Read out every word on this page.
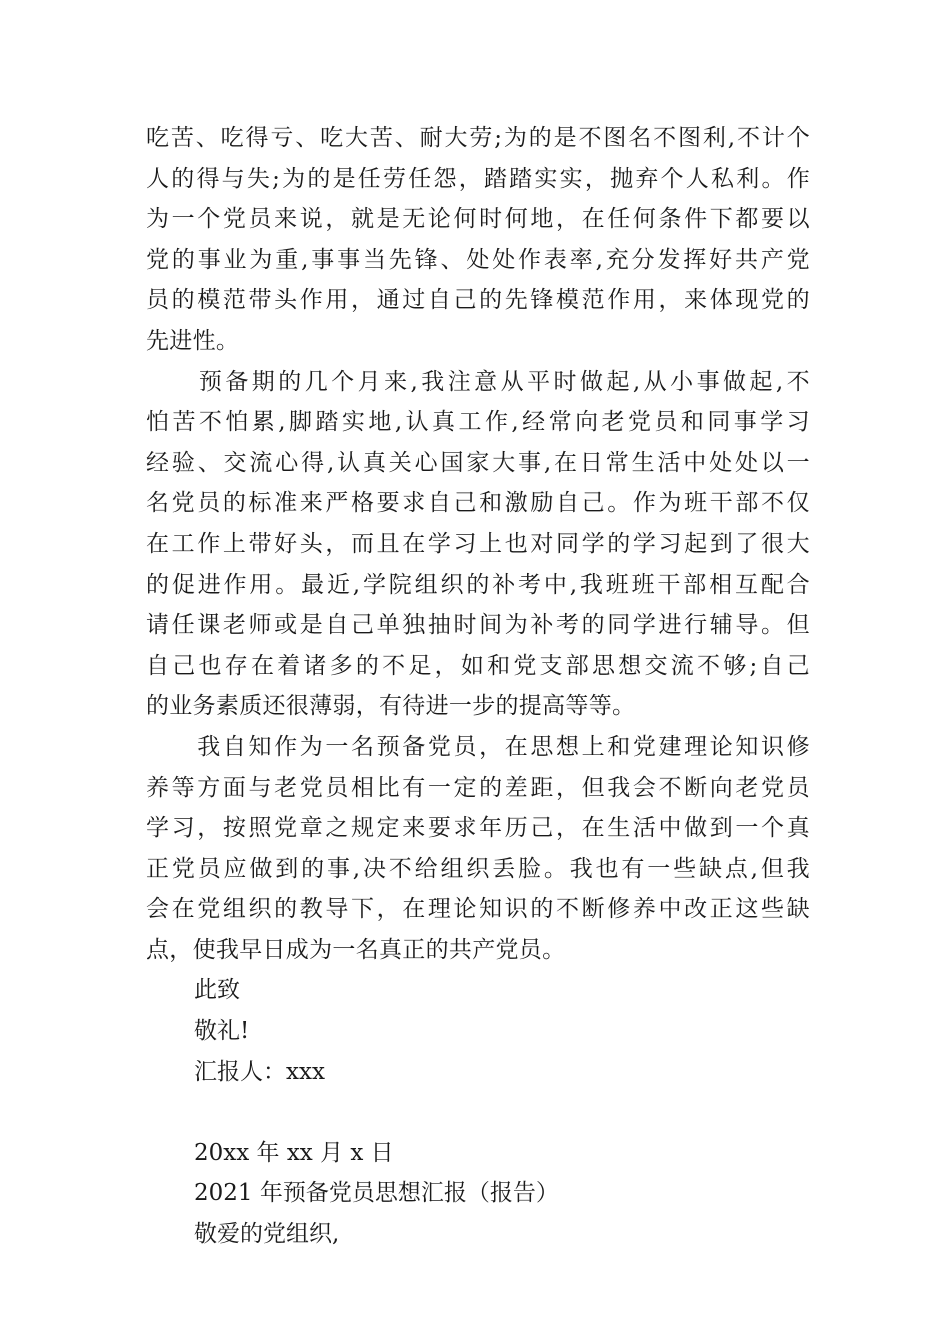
吃苦、吃得亏、吃大苦、耐大劳;为的是不图名不图利,不计个

人的得与失;为的是任劳任怨，踏踏实实，抛弃个人私利。作

为一个党员来说，就是无论何时何地，在任何条件下都要以

党的事业为重,事事当先锋、处处作表率,充分发挥好共产党

员的模范带头作用，通过自己的先锋模范作用，来体现党的

先进性。

　　预备期的几个月来,我注意从平时做起,从小事做起,不

怕苦不怕累,脚踏实地,认真工作,经常向老党员和同事学习

经验、交流心得,认真关心国家大事,在日常生活中处处以一

名党员的标准来严格要求自己和激励自己。作为班干部不仅

在工作上带好头，而且在学习上也对同学的学习起到了很大

的促进作用。最近,学院组织的补考中,我班班干部相互配合

请任课老师或是自己单独抽时间为补考的同学进行辅导。但

自己也存在着诸多的不足，如和党支部思想交流不够;自己

的业务素质还很薄弱，有待进一步的提高等等。

　　我自知作为一名预备党员，在思想上和党建理论知识修

养等方面与老党员相比有一定的差距，但我会不断向老党员

学习，按照党章之规定来要求年历己，在生活中做到一个真

正党员应做到的事,决不给组织丢脸。我也有一些缺点,但我

会在党组织的教导下，在理论知识的不断修养中改正这些缺

点，使我早日成为一名真正的共产党员。

此致

敬礼!

汇报人：xxx

20xx 年 xx 月 x 日

2021 年预备党员思想汇报（报告）

敬爱的党组织,
